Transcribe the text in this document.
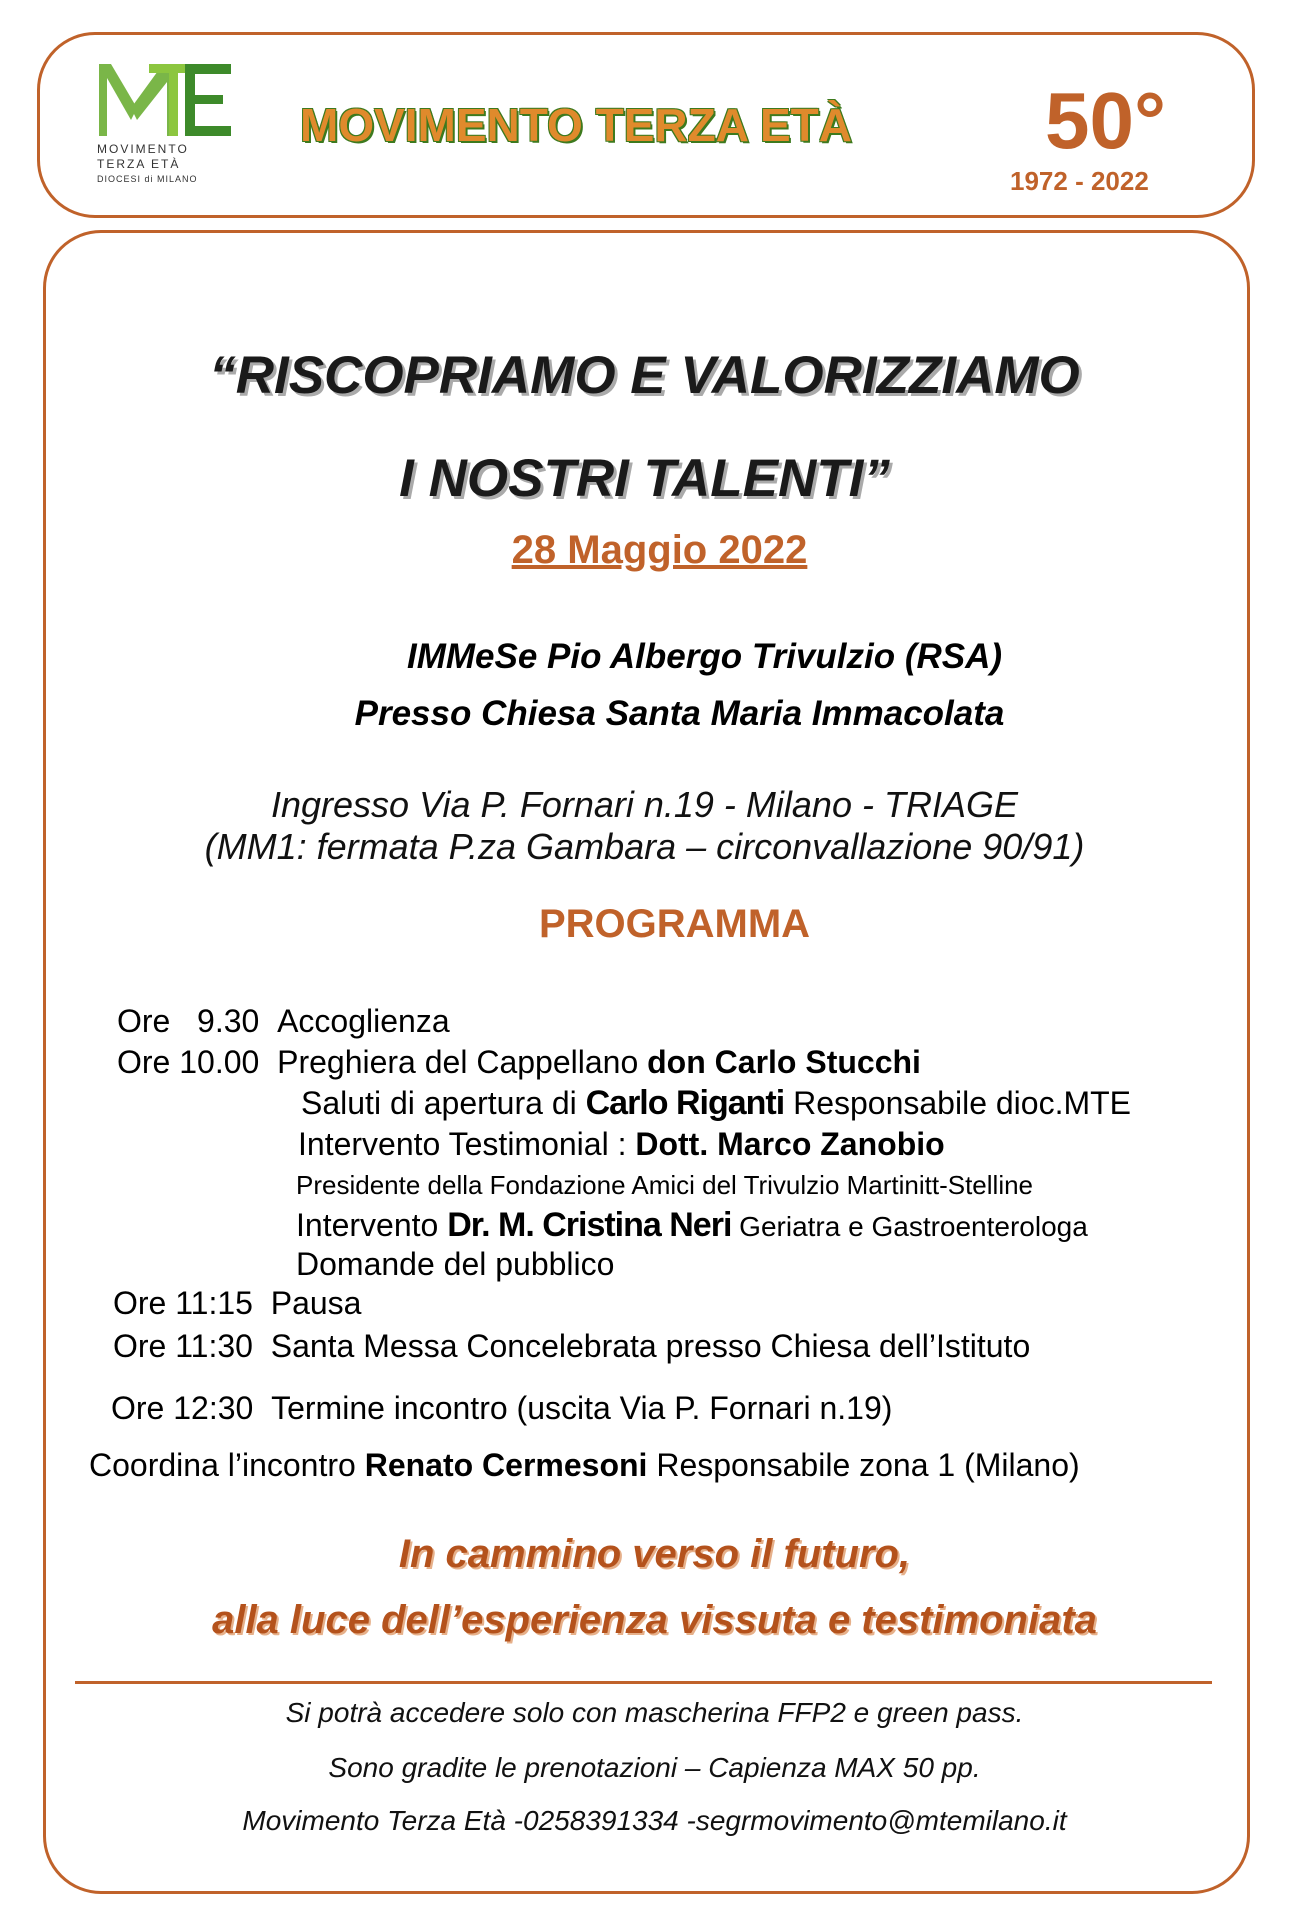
MOVIMENTO
TERZA ETÀ
DIOCESI di MILANO
MOVIMENTO TERZA ETÀ 50°
1972 - 2022
“RISCOPRIAMO E VALORIZZIAMO
I NOSTRI TALENTI”
28 Maggio 2022
IMMeSe Pio Albergo Trivulzio (RSA)
Presso Chiesa Santa Maria Immacolata
Ingresso Via P. Fornari n.19 - Milano - TRIAGE
(MM1: fermata P.za Gambara – circonvallazione 90/91)
PROGRAMMA
Ore   9.30 Accoglienza
Ore 10.00 Preghiera del Cappellano don Carlo Stucchi
Saluti di apertura di Carlo Riganti Responsabile dioc.MTE
Intervento Testimonial : Dott. Marco Zanobio
Presidente della Fondazione Amici del Trivulzio Martinitt-Stelline
Intervento Dr. M. Cristina Neri Geriatra e Gastroenterologa
Domande del pubblico
Ore 11:15 Pausa
Ore 11:30 Santa Messa Concelebrata presso Chiesa dell’Istituto
Ore 12:30 Termine incontro (uscita Via P. Fornari n.19)
Coordina l’incontro Renato Cermesoni Responsabile zona 1 (Milano)
In cammino verso il futuro,
alla luce dell’esperienza vissuta e testimoniata
Si potrà accedere solo con mascherina FFP2 e green pass.
Sono gradite le prenotazioni – Capienza MAX 50 pp.
Movimento Terza Età -0258391334 -segrmovimento@mtemilano.it
